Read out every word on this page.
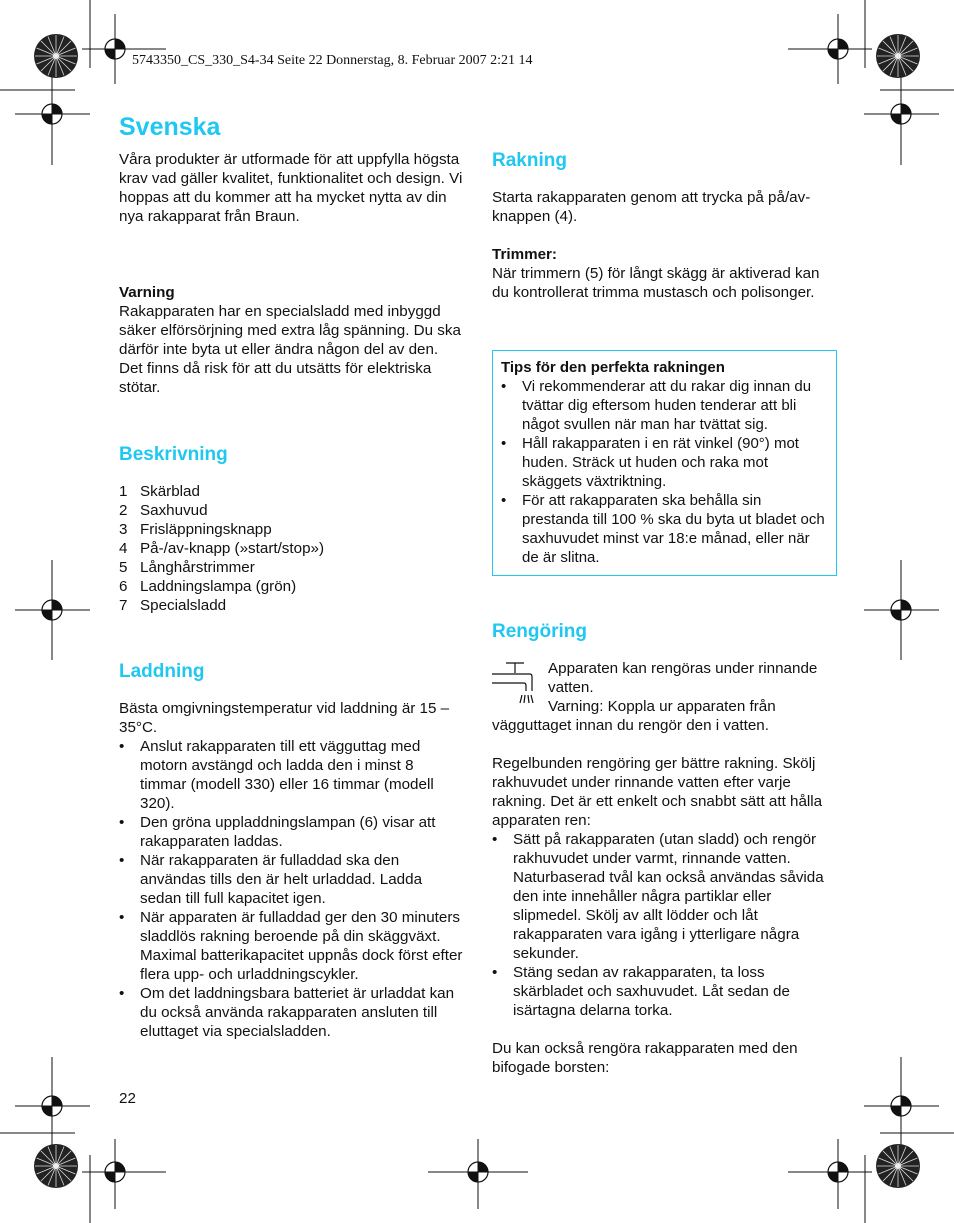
5743350_CS_330_S4-34 Seite 22 Donnerstag, 8. Februar 2007 2:21 14
Svenska

Våra produkter är utformade för att uppfylla högsta krav vad gäller kvalitet, funktionalitet och design. Vi hoppas att du kommer att ha mycket nytta av din nya rakapparat från Braun.

Varning

Rakapparaten har en specialsladd med inbyggd säker elförsörjning med extra låg spänning. Du ska därför inte byta ut eller ändra någon del av den. Det finns då risk för att du utsätts för elektriska stötar.

Beskrivning
1 Skärblad
2 Saxhuvud
3 Frisläppningsknapp
4 På-/av-knapp (»start/stop»)
5 Långhårstrimmer
6 Laddningslampa (grön)
7 Specialsladd
Laddning

Bästa omgivningstemperatur vid laddning är 15 – 35°C.

• Anslut rakapparaten till ett vägguttag med motorn avstängd och ladda den i minst 8 timmar (modell 330) eller 16 timmar (modell 320).
• Den gröna uppladdningslampan (6) visar att rakapparaten laddas.
• När rakapparaten är fulladdad ska den användas tills den är helt urladdad. Ladda sedan till full kapacitet igen.
• När apparaten är fulladdad ger den 30 minuters sladdlös rakning beroende på din skäggväxt. Maximal batterikapacitet uppnås dock först efter flera upp- och urladdningscykler.
• Om det laddningsbara batteriet är urladdat kan du också använda rakapparaten ansluten till eluttaget via specialsladden.
22
Rakning

Starta rakapparaten genom att trycka på på/av-knappen (4).

Trimmer:

När trimmern (5) för långt skägg är aktiverad kan du kontrollerat trimma mustasch och polisonger.

Tips för den perfekta rakningen
• Vi rekommenderar att du rakar dig innan du tvättar dig eftersom huden tenderar att bli något svullen när man har tvättat sig.
• Håll rakapparaten i en rät vinkel (90°) mot huden. Sträck ut huden och raka mot skäggets växtriktning.
• För att rakapparaten ska behålla sin prestanda till 100 % ska du byta ut bladet och saxhuvudet minst var 18:e månad, eller när de är slitna.
Rengöring

Apparaten kan rengöras under rinnande vatten.

Varning: Koppla ur apparaten från vägguttaget innan du rengör den i vatten.

Regelbunden rengöring ger bättre rakning. Skölj rakhuvudet under rinnande vatten efter varje rakning. Det är ett enkelt och snabbt sätt att hålla apparaten ren:

• Sätt på rakapparaten (utan sladd) och rengör rakhuvudet under varmt, rinnande vatten. Naturbaserad tvål kan också användas såvida den inte innehåller några partiklar eller slipmedel. Skölj av allt lödder och låt rakapparaten vara igång i ytterligare några sekunder.
• Stäng sedan av rakapparaten, ta loss skärbladet och saxhuvudet. Låt sedan de isärtagna delarna torka.

Du kan också rengöra rakapparaten med den bifogade borsten:
